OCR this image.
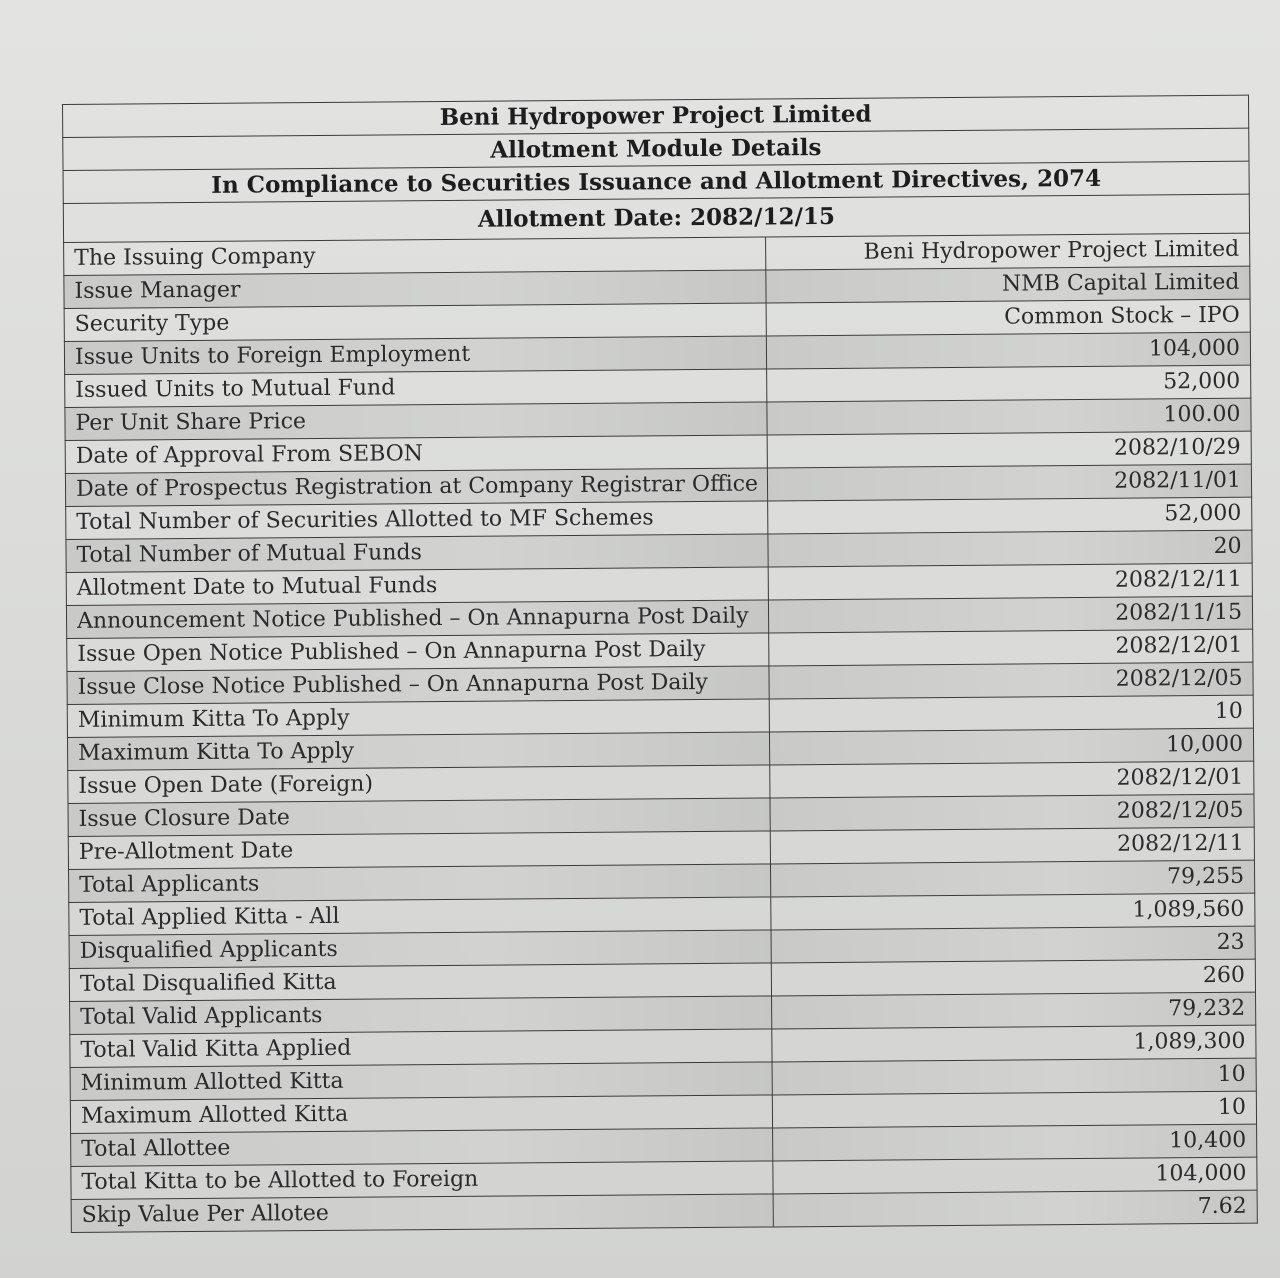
Beni Hydropower Project Limited	
Allotment Module Details	
In Compliance to Securities Issuance and Allotment Directives, 2074	
Allotment Date: 2082/12/15	
The Issuing Company	Beni Hydropower Project Limited
Issue Manager	NMB Capital Limited
Security Type	Common Stock – IPO
Issue Units to Foreign Employment	104,000
Issued Units to Mutual Fund	52,000
Per Unit Share Price	100.00
Date of Approval From SEBON	2082/10/29
Date of Prospectus Registration at Company Registrar Office	2082/11/01
Total Number of Securities Allotted to MF Schemes	52,000
Total Number of Mutual Funds	20
Allotment Date to Mutual Funds	2082/12/11
Announcement Notice Published – On Annapurna Post Daily	2082/11/15
Issue Open Notice Published – On Annapurna Post Daily	2082/12/01
Issue Close Notice Published – On Annapurna Post Daily	2082/12/05
Minimum Kitta To Apply	10
Maximum Kitta To Apply	10,000
Issue Open Date (Foreign)	2082/12/01
Issue Closure Date	2082/12/05
Pre-Allotment Date	2082/12/11
Total Applicants	79,255
Total Applied Kitta - All	1,089,560
Disqualified Applicants	23
Total Disqualified Kitta	260
Total Valid Applicants	79,232
Total Valid Kitta Applied	1,089,300
Minimum Allotted Kitta	10
Maximum Allotted Kitta	10
Total Allottee	10,400
Total Kitta to be Allotted to Foreign	104,000
Skip Value Per Allotee	7.62
